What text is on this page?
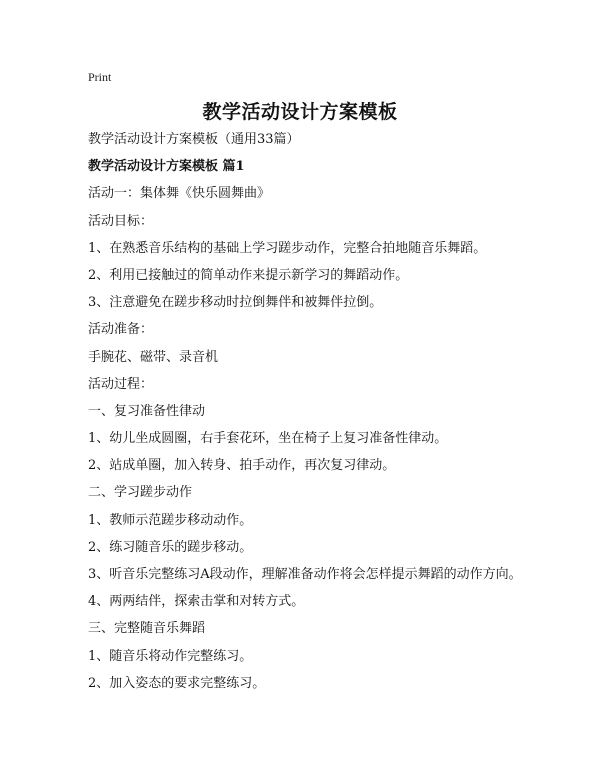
Print
教学活动设计方案模板
教学活动设计方案模板（通用33篇）
教学活动设计方案模板 篇1
活动一：集体舞《快乐圆舞曲》
活动目标：
1、在熟悉音乐结构的基础上学习蹉步动作，完整合拍地随音乐舞蹈。
2、利用已接触过的简单动作来提示新学习的舞蹈动作。
3、注意避免在蹉步移动时拉倒舞伴和被舞伴拉倒。
活动准备：
手腕花、磁带、录音机
活动过程：
一、复习准备性律动
1、幼儿坐成圆圈，右手套花环，坐在椅子上复习准备性律动。
2、站成单圈，加入转身、拍手动作，再次复习律动。
二、学习蹉步动作
1、教师示范蹉步移动动作。
2、练习随音乐的蹉步移动。
3、听音乐完整练习A段动作，理解准备动作将会怎样提示舞蹈的动作方向。
4、两两结伴，探索击掌和对转方式。
三、完整随音乐舞蹈
1、随音乐将动作完整练习。
2、加入姿态的要求完整练习。
